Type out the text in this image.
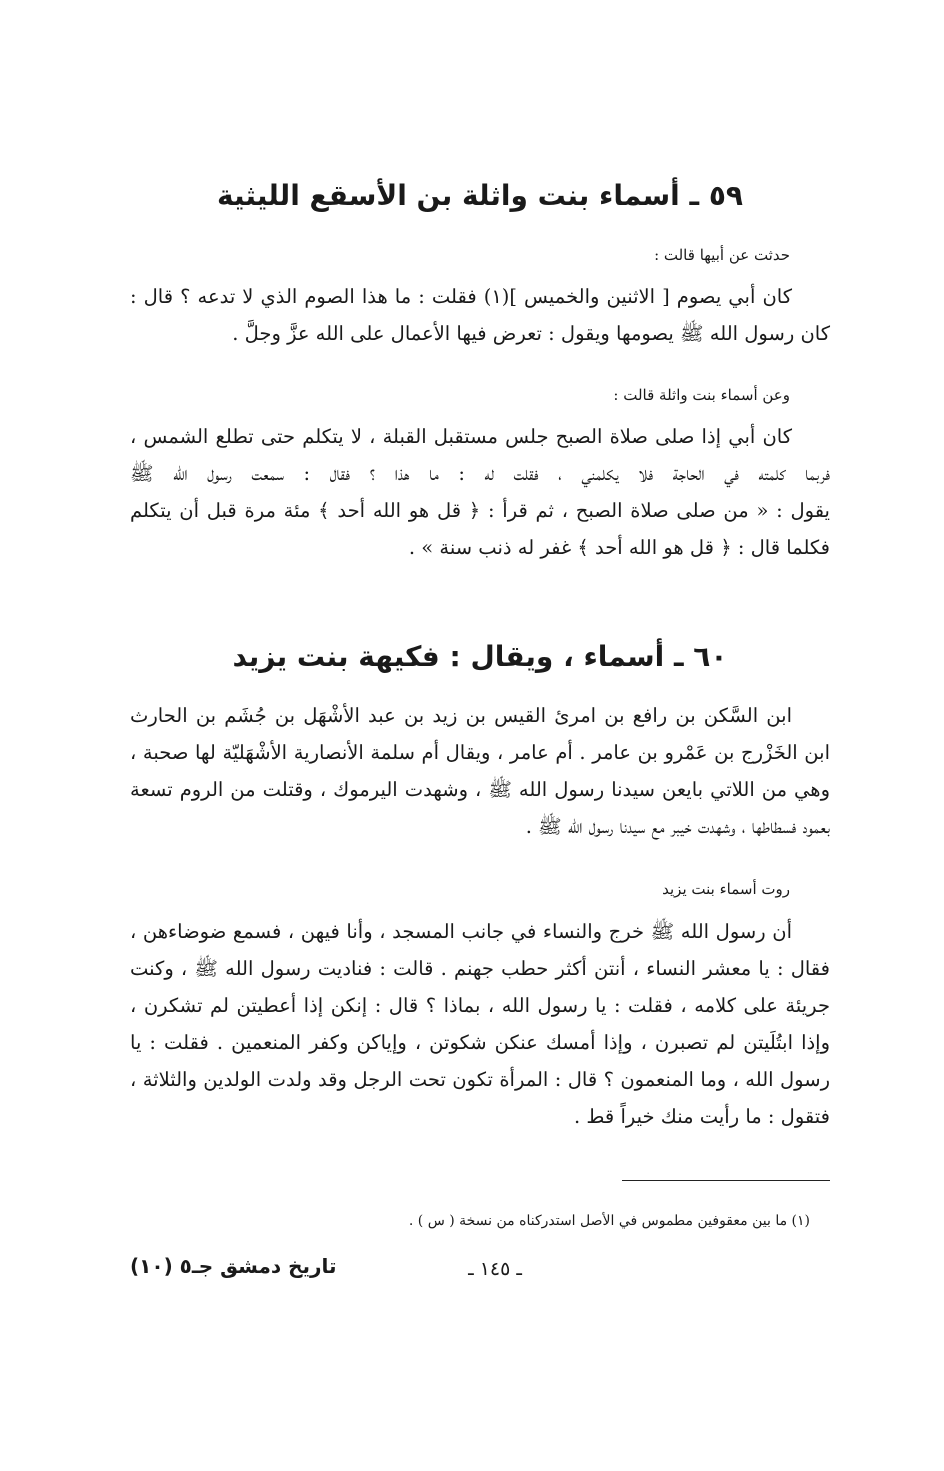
٥٩ ـ أسماء بنت واثلة بن الأسقع الليثية

حدثت عن أبيها قالت :

كان أبي يصوم [ الاثنين والخميس ](١) فقلت : ما هذا الصوم الذي لا تدعه ؟ قال :
كان رسول الله ﷺ يصومها ويقول : تعرض فيها الأعمال على الله عزَّ وجلَّ .

وعن أسماء بنت واثلة قالت :

كان أبي إذا صلى صلاة الصبح جلس مستقبل القبلة ، لا يتكلم حتى تطلع الشمس ،
فربما كلمته في الحاجة فلا يكلمني ، فقلت له : ما هذا ؟ فقال : سمعت رسول الله ﷺ
يقول : « من صلى صلاة الصبح ، ثم قرأ : ﴿ قل هو الله أحد ﴾ مئة مرة قبل أن يتكلم
فكلما قال : ﴿ قل هو الله أحد ﴾ غفر له ذنب سنة » .

٦٠ ـ أسماء ، ويقال : فكيهة بنت يزيد

ابن السَّكن بن رافع بن امرئ القيس بن زيد بن عبد الأشْهَل بن جُشَم بن الحارث
ابن الخَزْرج بن عَمْرو بن عامر . أم عامر ، ويقال أم سلمة الأنصارية الأشْهَليّة لها صحبة ،
وهي من اللاتي بايعن سيدنا رسول الله ﷺ ، وشهدت اليرموك ، وقتلت من الروم تسعة
بعمود فسطاطها ، وشهدت خيبر مع سيدنا رسول الله ﷺ .

روت أسماء بنت يزيد

أن رسول الله ﷺ خرج والنساء في جانب المسجد ، وأنا فيهن ، فسمع ضوضاءهن ،
فقال : يا معشر النساء ، أنتن أكثر حطب جهنم . قالت : فناديت رسول الله ﷺ ، وكنت
جريئة على كلامه ، فقلت : يا رسول الله ، بماذا ؟ قال : إنكن إذا أعطيتن لم تشكرن ،
وإذا ابتُلَيتن لم تصبرن ، وإذا أمسك عنكن شكوتن ، وإياكن وكفر المنعمين . فقلت : يا
رسول الله ، وما المنعمون ؟ قال : المرأة تكون تحت الرجل وقد ولدت الولدين والثلاثة ،
فتقول : ما رأيت منك خيراً قط .

(١) ما بين معقوفين مطموس في الأصل استدركناه من نسخة ( س ) .
ـ ١٤٥ ـ
تاريخ دمشق جـ٥ (١٠)
